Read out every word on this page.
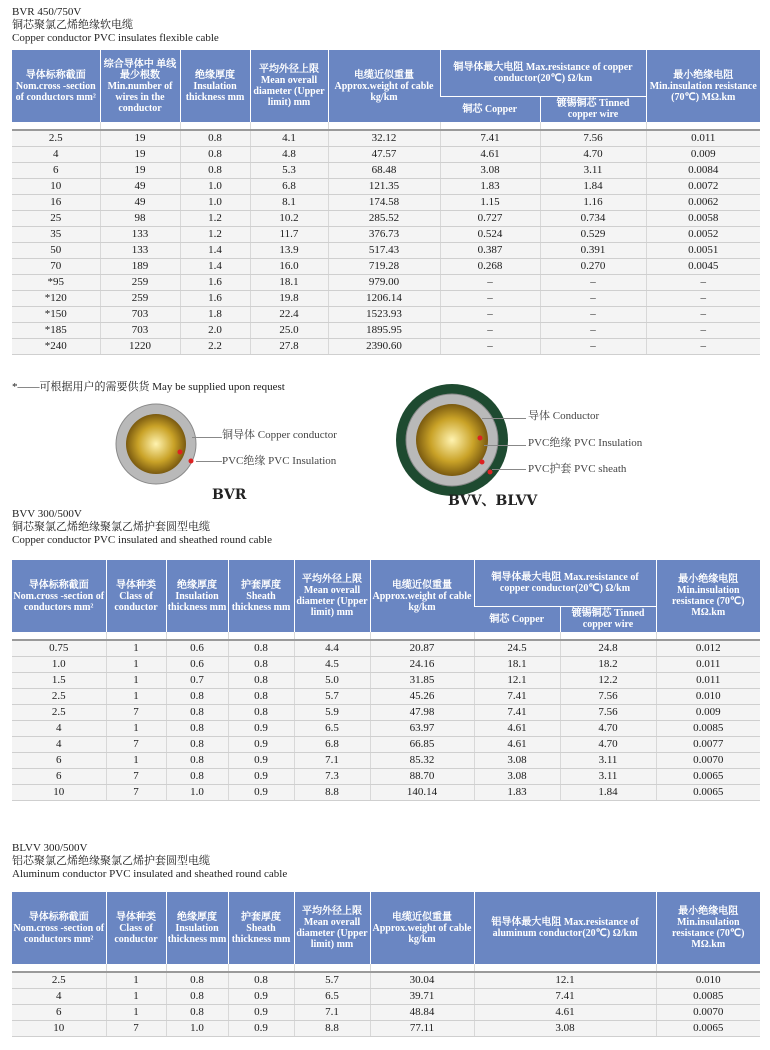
BVR 450/750V
铜芯聚氯乙烯绝缘软电缆
Copper conductor PVC insulates flexible cable
导体标称截面 Nom.cross -section of conductors mm²	综合导体中 单线最少根数 Min.number of wires in the conductor	绝缘厚度 Insulation thickness mm	平均外径上限 Mean overall diameter (Upper limit) mm	电缆近似重量 Approx.weight of cable kg/km	铜导体最大电阻 Max.resistance of copper conductor(20℃) Ω/km		最小绝缘电阻 Min.insulation resistance (70℃) MΩ.km
					铜芯 Copper	镀锡铜芯 Tinned copper wire	

2.5	19	0.8	4.1	32.12	7.41	7.56	0.011
4	19	0.8	4.8	47.57	4.61	4.70	0.009
6	19	0.8	5.3	68.48	3.08	3.11	0.0084
10	49	1.0	6.8	121.35	1.83	1.84	0.0072
16	49	1.0	8.1	174.58	1.15	1.16	0.0062
25	98	1.2	10.2	285.52	0.727	0.734	0.0058
35	133	1.2	11.7	376.73	0.524	0.529	0.0052
50	133	1.4	13.9	517.43	0.387	0.391	0.0051
70	189	1.4	16.0	719.28	0.268	0.270	0.0045
*95	259	1.6	18.1	979.00	–	–	–
*120	259	1.6	19.8	1206.14	–	–	–
*150	703	1.8	22.4	1523.93	–	–	–
*185	703	2.0	25.0	1895.95	–	–	–
*240	1220	2.2	27.8	2390.60	–	–	–
*——可根据用户的需要供货 May be supplied upon request
铜导体 Copper conductor
PVC绝缘 PVC Insulation
BVR
导体 Conductor
PVC绝缘 PVC Insulation
PVC护套 PVC sheath
BVV、BLVV
BVV 300/500V
铜芯聚氯乙烯绝缘聚氯乙烯护套圆型电缆
Copper conductor PVC insulated and sheathed round cable
导体标称截面 Nom.cross -section of conductors mm²	导体种类 Class of conductor	绝缘厚度 Insulation thickness mm	护套厚度 Sheath thickness mm	平均外径上限 Mean overall diameter (Upper limit) mm	电缆近似重量 Approx.weight of cable kg/km	铜导体最大电阻 Max.resistance of copper conductor(20℃) Ω/km		最小绝缘电阻 Min.insulation resistance (70℃) MΩ.km
						铜芯 Copper	镀锡铜芯 Tinned copper wire	

0.75	1	0.6	0.8	4.4	20.87	24.5	24.8	0.012
1.0	1	0.6	0.8	4.5	24.16	18.1	18.2	0.011
1.5	1	0.7	0.8	5.0	31.85	12.1	12.2	0.011
2.5	1	0.8	0.8	5.7	45.26	7.41	7.56	0.010
2.5	7	0.8	0.8	5.9	47.98	7.41	7.56	0.009
4	1	0.8	0.9	6.5	63.97	4.61	4.70	0.0085
4	7	0.8	0.9	6.8	66.85	4.61	4.70	0.0077
6	1	0.8	0.9	7.1	85.32	3.08	3.11	0.0070
6	7	0.8	0.9	7.3	88.70	3.08	3.11	0.0065
10	7	1.0	0.9	8.8	140.14	1.83	1.84	0.0065
BLVV 300/500V
铝芯聚氯乙烯绝缘聚氯乙烯护套圆型电缆
Aluminum conductor PVC insulated and sheathed round cable
导体标称截面 Nom.cross -section of conductors mm²	导体种类 Class of conductor	绝缘厚度 Insulation thickness mm	护套厚度 Sheath thickness mm	平均外径上限 Mean overall diameter (Upper limit) mm	电缆近似重量 Approx.weight of cable kg/km	铝导体最大电阻 Max.resistance of aluminum conductor(20℃) Ω/km	最小绝缘电阻 Min.insulation resistance (70℃) MΩ.km

2.5	1	0.8	0.8	5.7	30.04	12.1	0.010
4	1	0.8	0.9	6.5	39.71	7.41	0.0085
6	1	0.8	0.9	7.1	48.84	4.61	0.0070
10	7	1.0	0.9	8.8	77.11	3.08	0.0065
